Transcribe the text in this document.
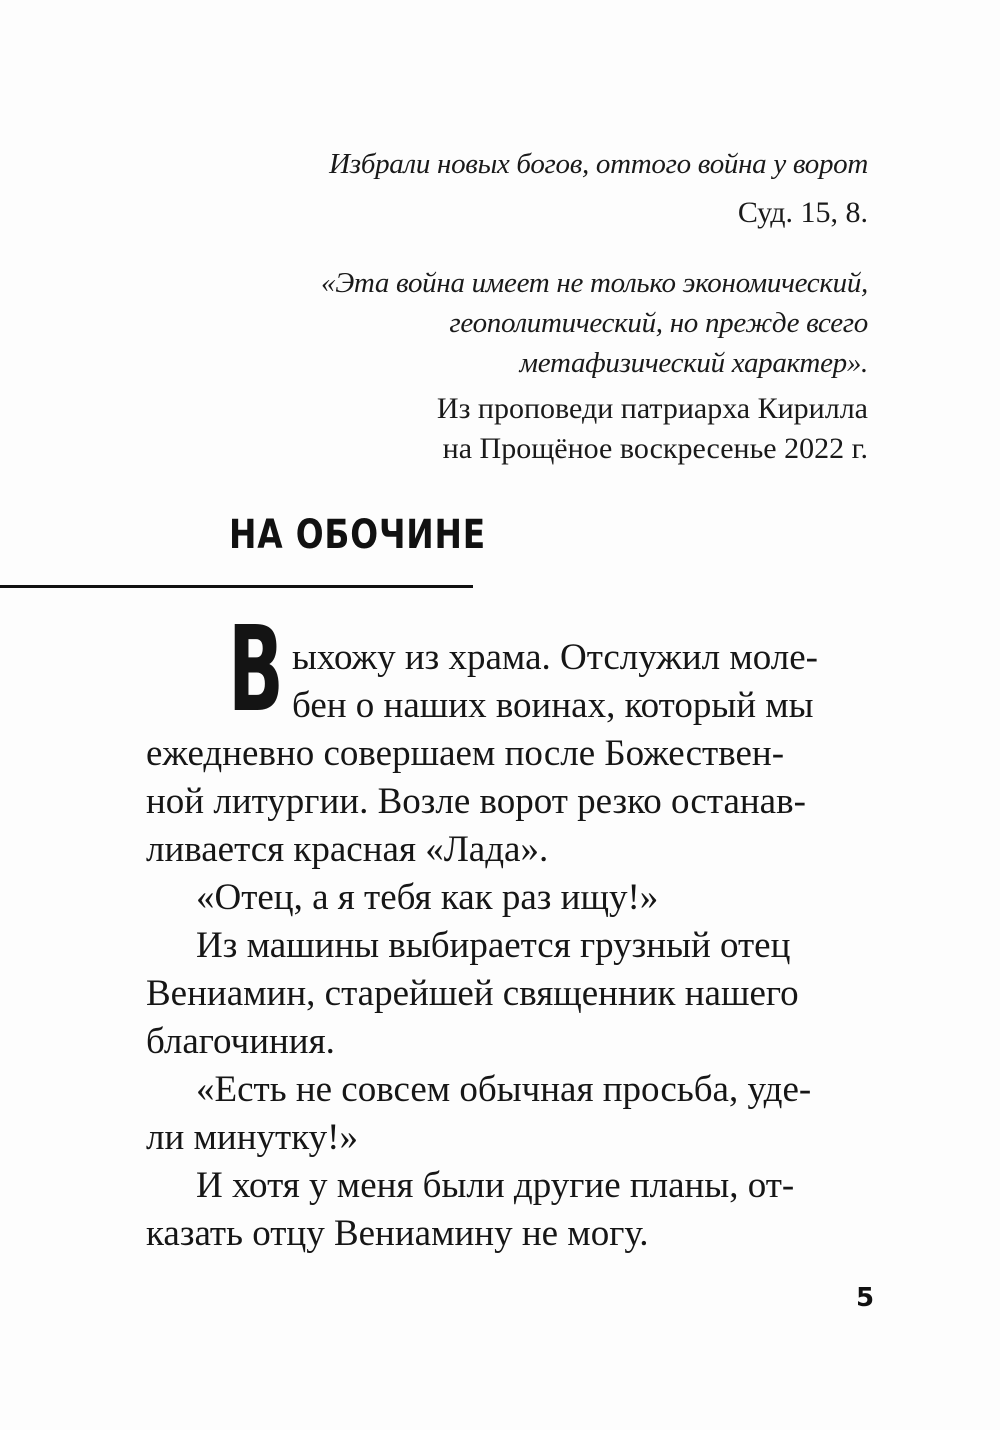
Избрали новых богов, оттого война у ворот
Суд. 15, 8.
«Эта война имеет не только экономический,
геополитический, но прежде всего
метафизический характер».
Из проповеди патриарха Кирилла
на Прощёное воскресенье 2022 г.
НА ОБОЧИНЕ
В ыхожу из храма. Отслужил моле-
бен о наших воинах, который мы
ежедневно совершаем после Божествен-
ной литургии. Возле ворот резко останав-
ливается красная «Лада».
«Отец, а я тебя как раз ищу!»
Из машины выбирается грузный отец
Вениамин, старейшей священник нашего
благочиния.
«Есть не совсем обычная просьба, уде-
ли минутку!»
И хотя у меня были другие планы, от-
казать отцу Вениамину не могу.
5
